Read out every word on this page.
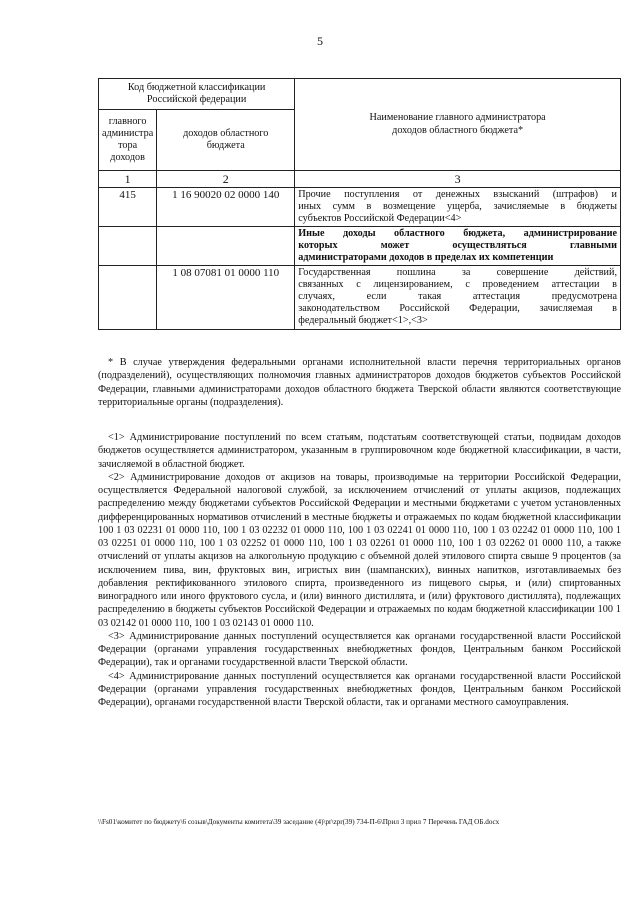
5
Код бюджетной классификации Российской федерации		Наименование главного администратора доходов областного бюджета*
главного администра тора доходов	доходов областного бюджета	
1	2	3
415	1 16 90020 02 0000 140	Прочие поступления от денежных взысканий (штрафов) и
иных сумм в возмещение ущерба, зачисляемые в бюджеты
субъектов Российской Федерации<4>

		Иные доходы областного бюджета, администрирование
которых может осуществляться главными
администраторами доходов в пределах их компетенции

	1 08 07081 01 0000 110	Государственная пошлина за совершение действий,
связанных с лицензированием, с проведением аттестации в
случаях, если такая аттестация предусмотрена
законодательством Российской Федерации, зачисляемая в
федеральный бюджет<1>,<3>

* В случае утверждения федеральными органами исполнительной власти перечня территориальных органов (подразделений), осуществляющих полномочия главных администраторов доходов бюджетов субъектов Российской Федерации, главными администраторами доходов областного бюджета Тверской области являются соответствующие территориальные органы (подразделения).

<1> Администрирование поступлений по всем статьям, подстатьям соответствующей статьи, подвидам доходов бюджетов осуществляется администратором, указанным в группировочном коде бюджетной классификации, в части, зачисляемой в областной бюджет.

<2> Администрирование доходов от акцизов на товары, производимые на территории Российской Федерации, осуществляется Федеральной налоговой службой, за исключением отчислений от уплаты акцизов, подлежащих распределению между бюджетами субъектов Российской Федерации и местными бюджетами с учетом установленных дифференцированных нормативов отчислений в местные бюджеты и отражаемых по кодам бюджетной классификации 100 1 03 02231 01 0000 110, 100 1 03 02232 01 0000 110, 100 1 03 02241 01 0000 110, 100 1 03 02242 01 0000 110, 100 1 03 02251 01 0000 110, 100 1 03 02252 01 0000 110, 100 1 03 02261 01 0000 110, 100 1 03 02262 01 0000 110, а также отчислений от уплаты акцизов на алкогольную продукцию с объемной долей этилового спирта свыше 9 процентов (за исключением пива, вин, фруктовых вин, игристых вин (шампанских), винных напитков, изготавливаемых без добавления ректификованного этилового спирта, произведенного из пищевого сырья, и (или) спиртованных виноградного или иного фруктового сусла, и (или) винного дистиллята, и (или) фруктового дистиллята), подлежащих распределению в бюджеты субъектов Российской Федерации и отражаемых по кодам бюджетной классификации 100 1 03 02142 01 0000 110, 100 1 03 02143 01 0000 110.

<3> Администрирование данных поступлений осуществляется как органами государственной власти Российской Федерации (органами управления государственных внебюджетных фондов, Центральным банком Российской Федерации), так и органами государственной власти Тверской области.

<4> Администрирование данных поступлений осуществляется как органами государственной власти Российской Федерации (органами управления государственных внебюджетных фондов, Центральным банком Российской Федерации), органами государственной власти Тверской области, так и органами местного самоуправления.

\\Fs01\комитет по бюджету\6 созыв\Документы комитета\39 заседание (4)\pr\zpr(39) 734-П-6\Прил 3 прил 7 Перечень ГАД ОБ.docx
